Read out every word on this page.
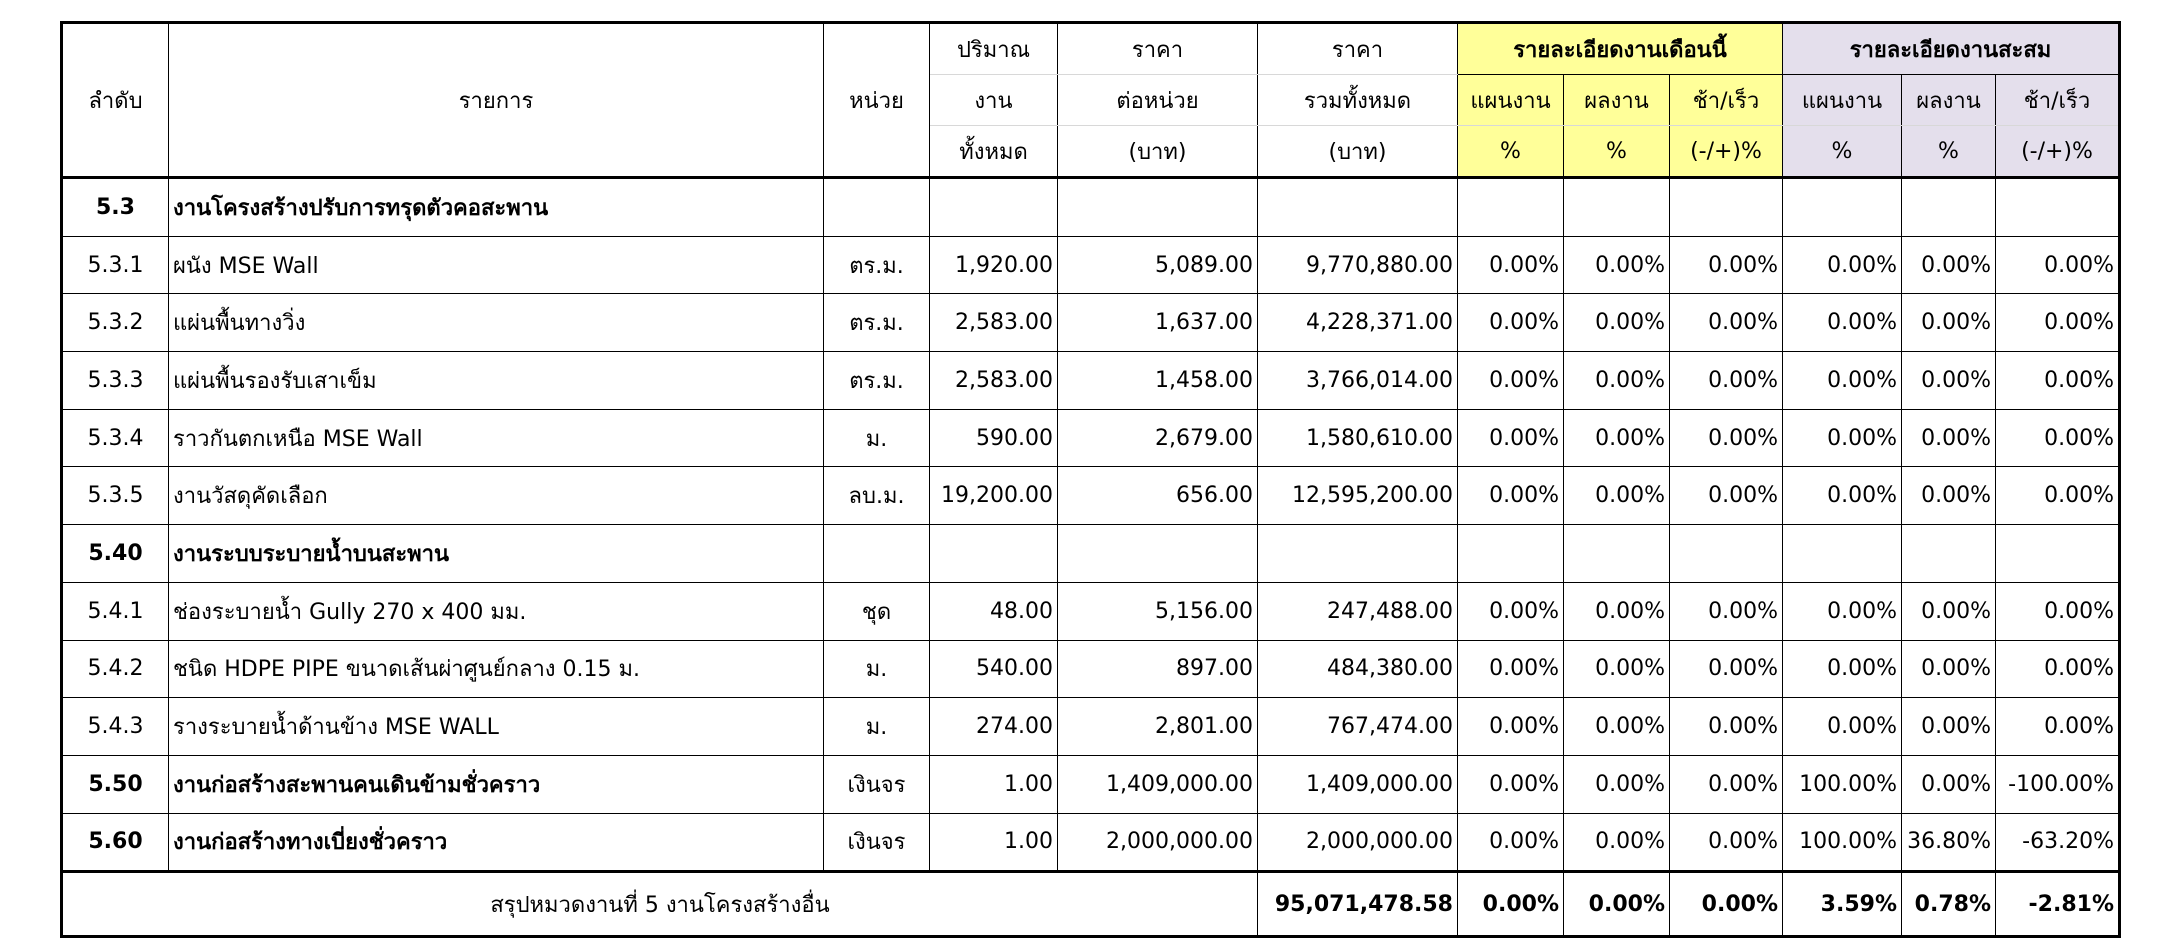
ลำดับ	รายการ	หน่วย	ปริมาณ	ราคา	ราคา	รายละเอียดงานเดือนนี้			รายละเอียดงานสะสม		
			งาน	ต่อหน่วย	รวมทั้งหมด	แผนงาน	ผลงาน	ช้า/เร็ว	แผนงาน	ผลงาน	ช้า/เร็ว
			ทั้งหมด	(บาท)	(บาท)	%	%	(-/+)%	%	%	(-/+)%
5.3	งานโครงสร้างปรับการทรุดตัวคอสะพาน										
5.3.1	ผนัง MSE Wall	ตร.ม.	1,920.00	5,089.00	9,770,880.00	0.00%	0.00%	0.00%	0.00%	0.00%	0.00%
5.3.2	แผ่นพื้นทางวิ่ง	ตร.ม.	2,583.00	1,637.00	4,228,371.00	0.00%	0.00%	0.00%	0.00%	0.00%	0.00%
5.3.3	แผ่นพื้นรองรับเสาเข็ม	ตร.ม.	2,583.00	1,458.00	3,766,014.00	0.00%	0.00%	0.00%	0.00%	0.00%	0.00%
5.3.4	ราวกันตกเหนือ MSE Wall	ม.	590.00	2,679.00	1,580,610.00	0.00%	0.00%	0.00%	0.00%	0.00%	0.00%
5.3.5	งานวัสดุคัดเลือก	ลบ.ม.	19,200.00	656.00	12,595,200.00	0.00%	0.00%	0.00%	0.00%	0.00%	0.00%
5.40	งานระบบระบายน้ำบนสะพาน										
5.4.1	ช่องระบายน้ำ Gully 270 x 400 มม.	ชุด	48.00	5,156.00	247,488.00	0.00%	0.00%	0.00%	0.00%	0.00%	0.00%
5.4.2	ชนิด HDPE PIPE ขนาดเส้นผ่าศูนย์กลาง 0.15 ม.	ม.	540.00	897.00	484,380.00	0.00%	0.00%	0.00%	0.00%	0.00%	0.00%
5.4.3	รางระบายน้ำด้านข้าง MSE WALL	ม.	274.00	2,801.00	767,474.00	0.00%	0.00%	0.00%	0.00%	0.00%	0.00%
5.50	งานก่อสร้างสะพานคนเดินข้ามชั่วคราว	เงินจร	1.00	1,409,000.00	1,409,000.00	0.00%	0.00%	0.00%	100.00%	0.00%	-100.00%
5.60	งานก่อสร้างทางเบี่ยงชั่วคราว	เงินจร	1.00	2,000,000.00	2,000,000.00	0.00%	0.00%	0.00%	100.00%	36.80%	-63.20%
สรุปหมวดงานที่ 5 งานโครงสร้างอื่น					95,071,478.58	0.00%	0.00%	0.00%	3.59%	0.78%	-2.81%
